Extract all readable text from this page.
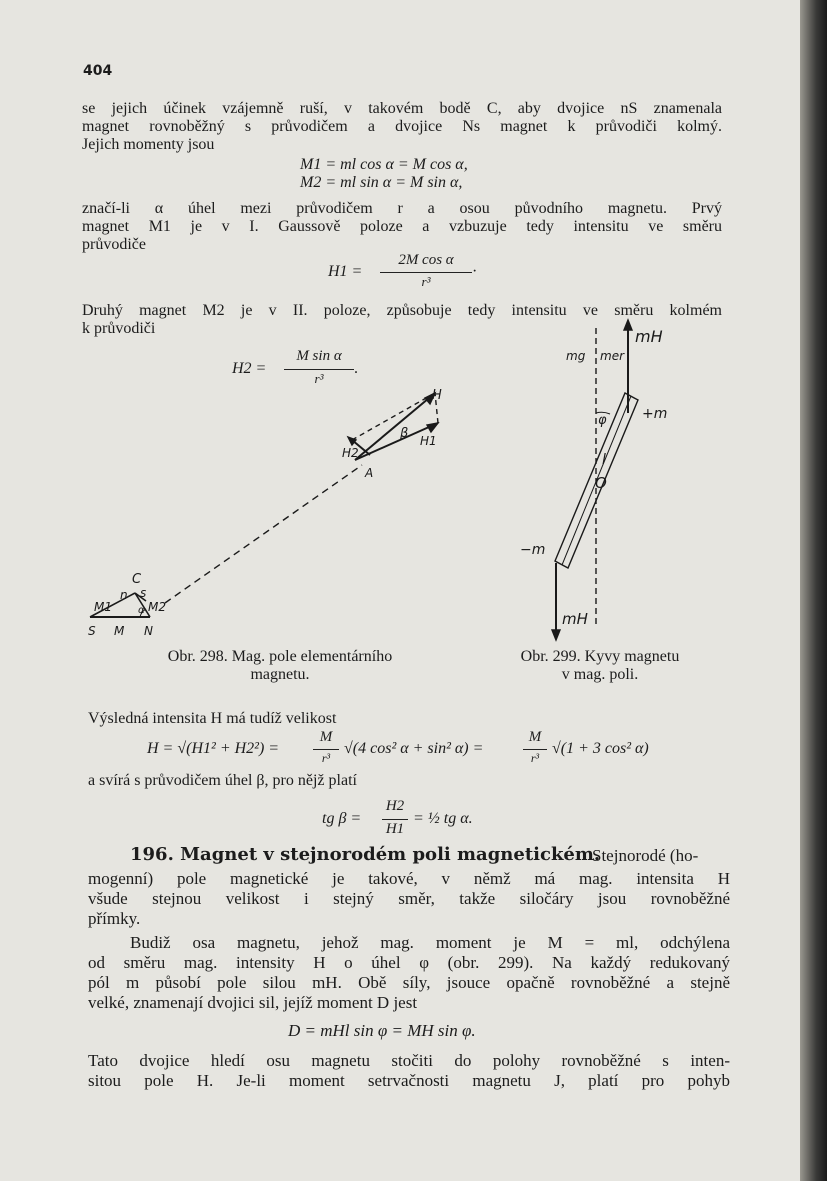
404
se jejich účinek vzájemně ruší, v takovém bodě C, aby dvojice nS znamenala
magnet rovnoběžný s průvodičem a dvojice Ns magnet k průvodiči kolmý.
Jejich momenty jsou
M1 = ml cos α = M cos α,
M2 = ml sin α = M sin α,
značí-li α úhel mezi průvodičem r a osou původního magnetu. Prvý
magnet M1 je v I. Gaussově poloze a vzbuzuje tedy intensitu ve směru
průvodiče
H1 =
2M cos α
r³
·
Druhý magnet M2 je v II. poloze, způsobuje tedy intensitu ve směru kolmém
k průvodiči
H2 =
M sin α
r³
.
H
H2
β H1
A
C
n s
M1	α M2
S M N
mH
mg mer
φ	+m
l
O
−m
mH
Obr. 298. Mag. pole elementárního
magnetu.
Obr. 299. Kyvy magnetu
v mag. poli.
Výsledná intensita H má tudíž velikost
H = √(H1² + H2²) =
M
r³
√(4 cos² α + sin² α) =
M
r³
√(1 + 3 cos² α)
a svírá s průvodičem úhel β, pro nějž platí
tg β =
H2
H1
= ½ tg α.
196. Magnet v stejnorodém poli magnetickém.
Stejnorodé (ho-
mogenní) pole magnetické je takové, v němž má mag. intensita H
všude stejnou velikost i stejný směr, takže siločáry jsou rovnoběžné
přímky.
Budiž osa magnetu, jehož mag. moment je M = ml, odchýlena
od směru mag. intensity H o úhel φ (obr. 299). Na každý redukovaný
pól m působí pole silou mH. Obě síly, jsouce opačně rovnoběžné a stejně
velké, znamenají dvojici sil, jejíž moment D jest
D = mHl sin φ = MH sin φ.
Tato dvojice hledí osu magnetu stočiti do polohy rovnoběžné s inten-
sitou pole H. Je-li moment setrvačnosti magnetu J, platí pro pohyb
